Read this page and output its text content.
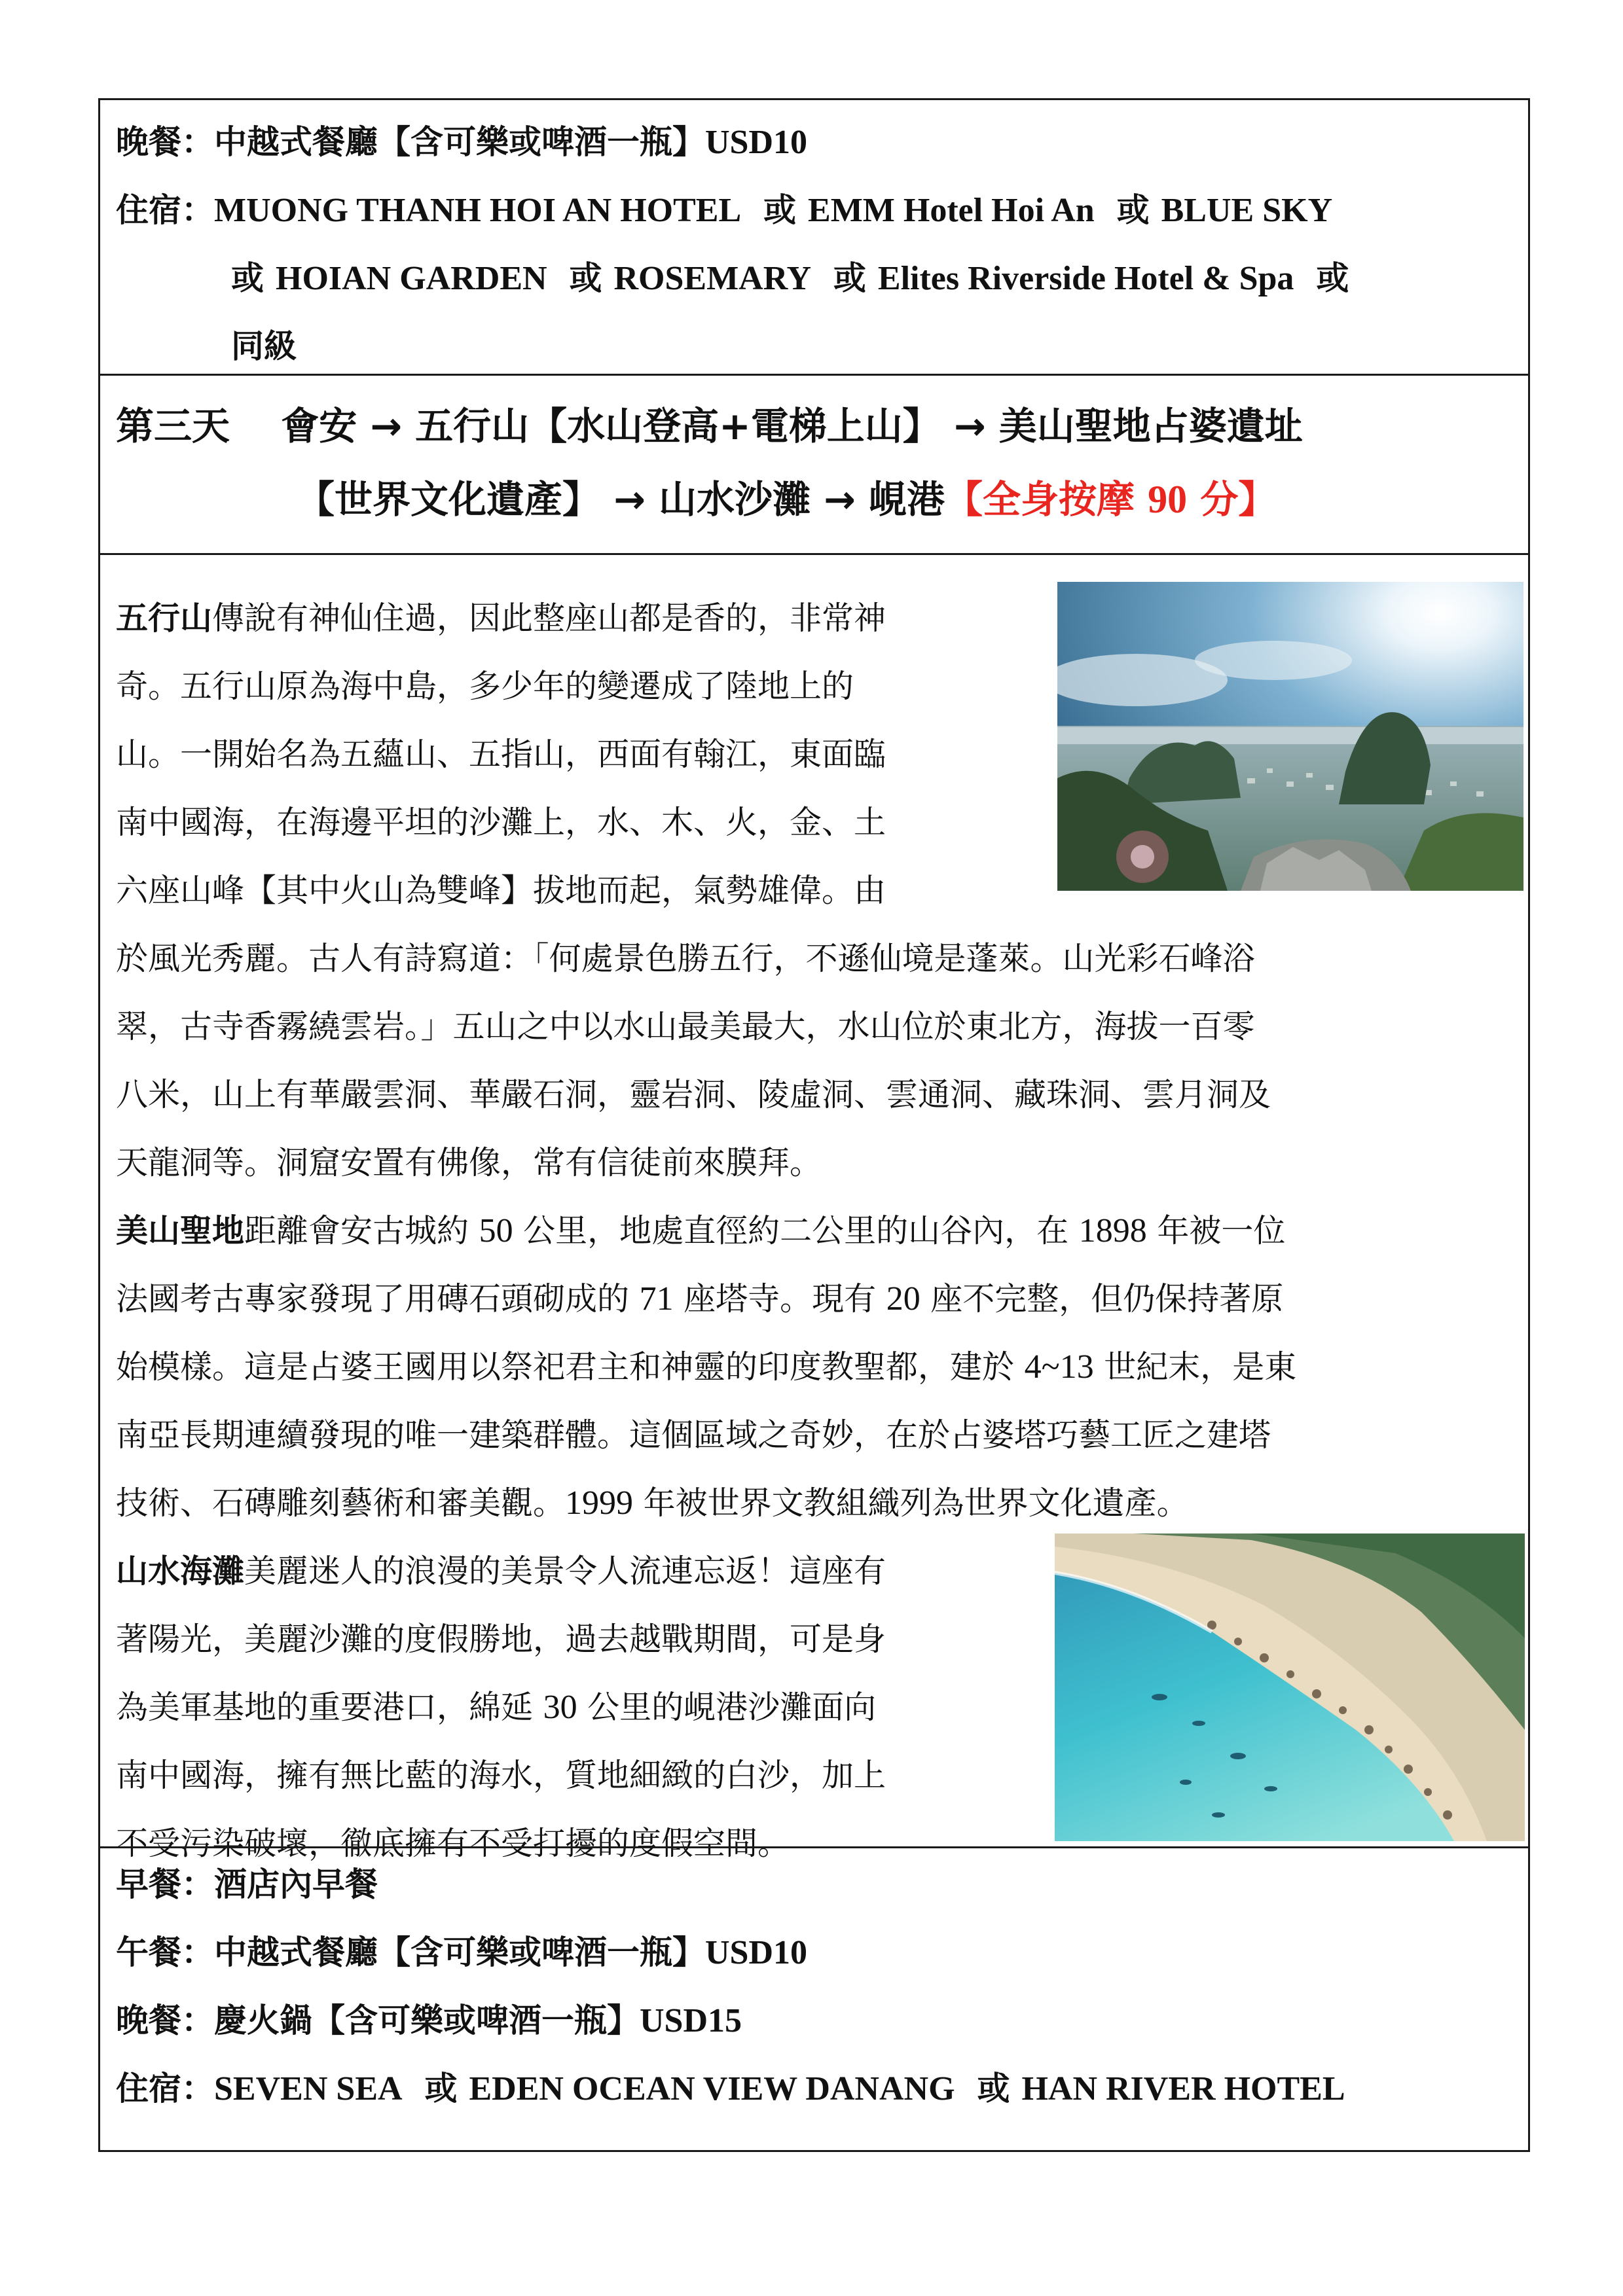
晚餐：中越式餐廳【含可樂或啤酒一瓶】USD10
住宿：MUONG THANH HOI AN HOTEL 或 EMM Hotel Hoi An 或 BLUE SKY
或 HOIAN GARDEN 或 ROSEMARY 或 Elites Riverside Hotel & Spa 或
同級
第三天　 會安 → 五行山【水山登高+電梯上山】 → 美山聖地占婆遺址
【世界文化遺產】 → 山水沙灘 → 峴港【全身按摩 90 分】
五行山傳說有神仙住過，因此整座山都是香的，非常神
奇。五行山原為海中島，多少年的變遷成了陸地上的
山。一開始名為五蘊山、五指山，西面有翰江，東面臨
南中國海，在海邊平坦的沙灘上，水、木、火，金、土
六座山峰【其中火山為雙峰】拔地而起，氣勢雄偉。由
於風光秀麗。古人有詩寫道：「何處景色勝五行，不遜仙境是蓬萊。山光彩石峰浴
翠，古寺香霧繞雲岩。」五山之中以水山最美最大，水山位於東北方，海拔一百零
八米，山上有華嚴雲洞、華嚴石洞，靈岩洞、陵虛洞、雲通洞、藏珠洞、雲月洞及
天龍洞等。洞窟安置有佛像，常有信徒前來膜拜。
美山聖地距離會安古城約 50 公里，地處直徑約二公里的山谷內，在 1898 年被一位
法國考古專家發現了用磚石頭砌成的 71 座塔寺。現有 20 座不完整，但仍保持著原
始模樣。這是占婆王國用以祭祀君主和神靈的印度教聖都，建於 4~13 世紀末，是東
南亞長期連續發現的唯一建築群體。這個區域之奇妙，在於占婆塔巧藝工匠之建塔
技術、石磚雕刻藝術和審美觀。1999 年被世界文教組織列為世界文化遺產。
山水海灘美麗迷人的浪漫的美景令人流連忘返！這座有
著陽光，美麗沙灘的度假勝地，過去越戰期間，可是身
為美軍基地的重要港口，綿延 30 公里的峴港沙灘面向
南中國海，擁有無比藍的海水，質地細緻的白沙，加上
不受污染破壞，徹底擁有不受打擾的度假空間。
早餐：酒店內早餐
午餐：中越式餐廳【含可樂或啤酒一瓶】USD10
晚餐：慶火鍋【含可樂或啤酒一瓶】USD15
住宿：SEVEN SEA 或 EDEN OCEAN VIEW DANANG 或 HAN RIVER HOTEL
